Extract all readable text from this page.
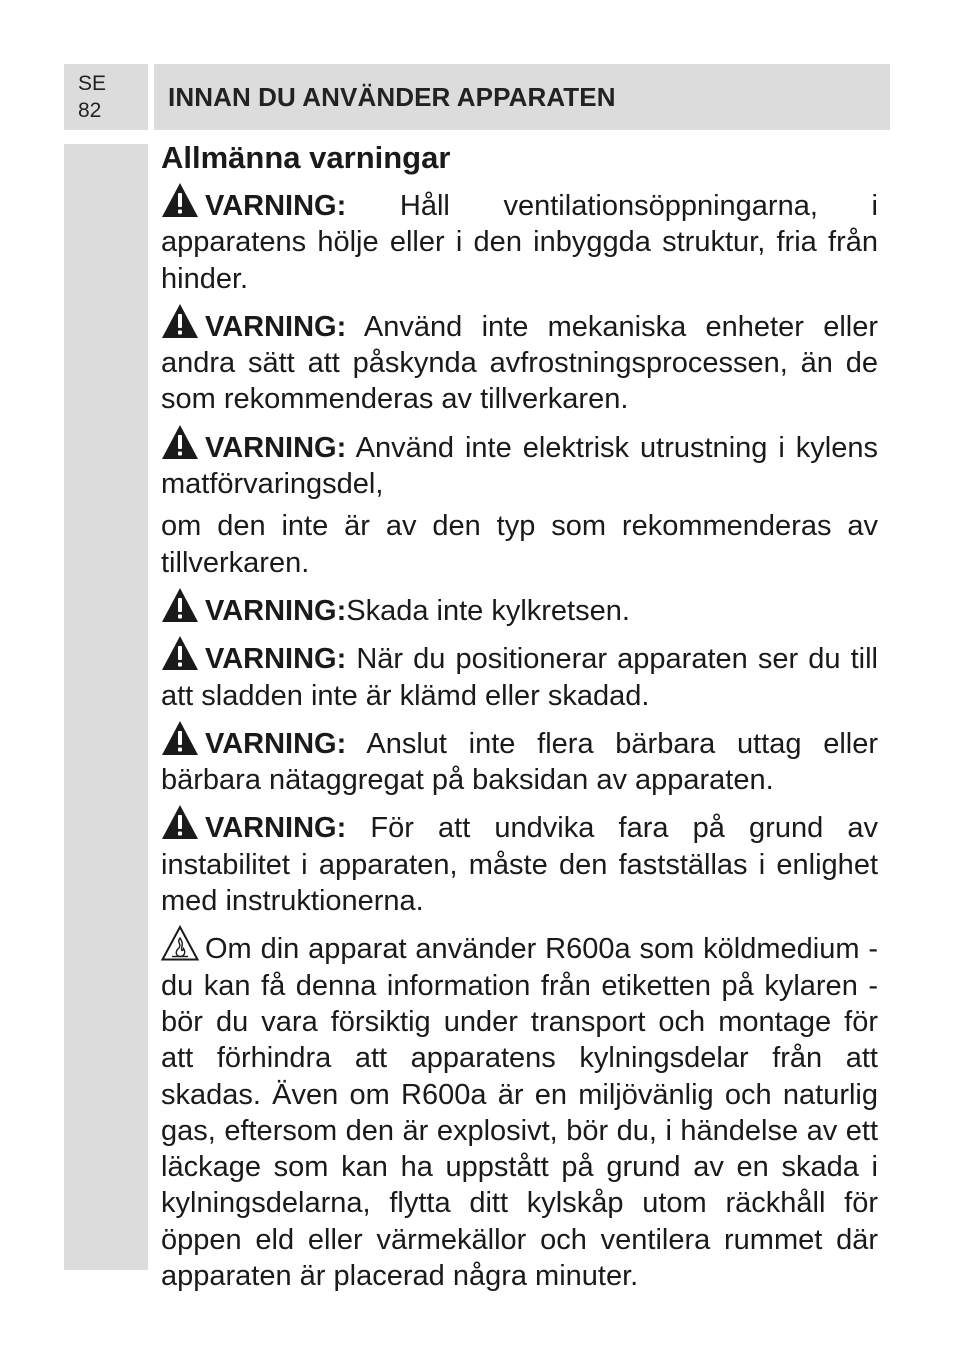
SE
82	INNAN DU ANVÄNDER APPARATEN
Allmänna varningar
VARNING: Håll ventilationsöppningarna, i apparatens hölje eller i den inbyggda struktur, fria från hinder.
VARNING: Använd inte mekaniska enheter eller andra sätt att påskynda avfrostningsprocessen, än de som rekommenderas av tillverkaren.
VARNING: Använd inte elektrisk utrustning i kylens matförvaringsdel,
om den inte är av den typ som rekommenderas av tillverkaren.
VARNING:Skada inte kylkretsen.
VARNING: När du positionerar apparaten ser du till att sladden inte är klämd eller skadad.
VARNING: Anslut inte flera bärbara uttag eller bärbara nätaggregat på baksidan av apparaten.
VARNING: För att undvika fara på grund av instabilitet i apparaten, måste den fastställas i enlighet med instruktionerna.
Om din apparat använder R600a som köldmedium - du kan få denna information från etiketten på kylaren - bör du vara försiktig under transport och montage för att förhindra att apparatens kylningsdelar från att skadas. Även om R600a är en miljövänlig och naturlig gas, eftersom den är explosivt, bör du, i händelse av ett läckage som kan ha uppstått på grund av en skada i kylningsdelarna, flytta ditt kylskåp utom räckhåll för öppen eld eller värmekällor och ventilera rummet där apparaten är placerad några minuter.
